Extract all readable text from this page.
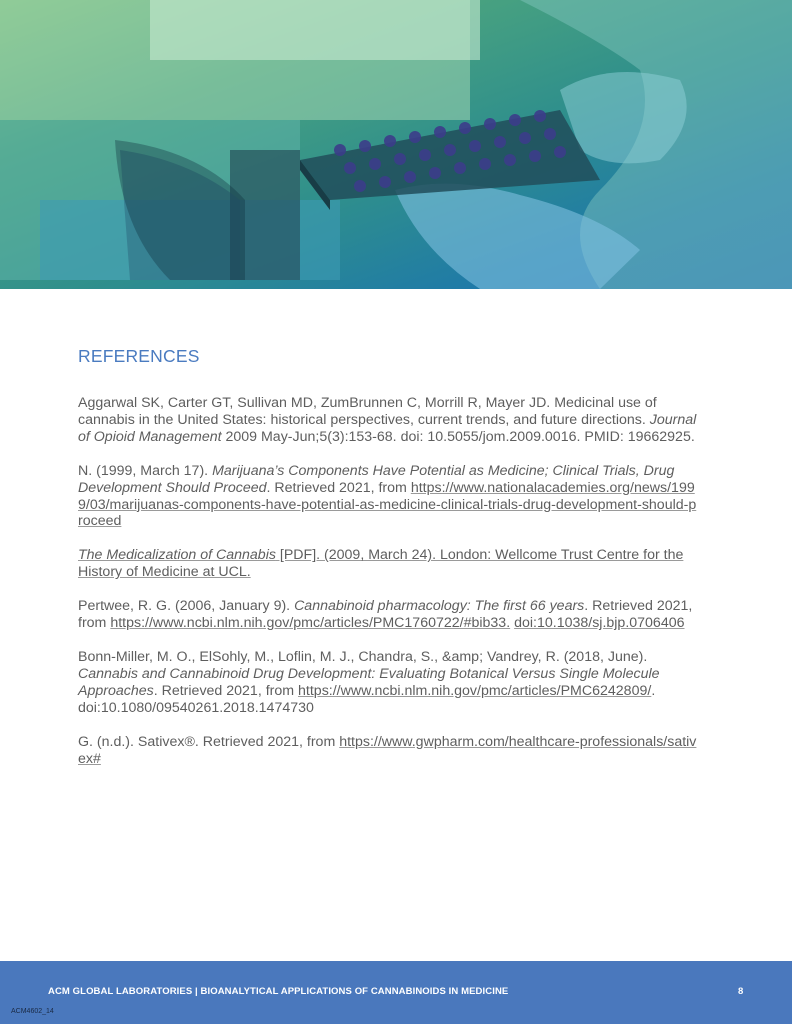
REFERENCES

Aggarwal SK, Carter GT, Sullivan MD, ZumBrunnen C, Morrill R, Mayer JD. Medicinal use of cannabis in the United States: historical perspectives, current trends, and future directions. Journal of Opioid Management 2009 May-Jun;5(3):153-68. doi: 10.5055/jom.2009.0016. PMID: 19662925.

N. (1999, March 17). Marijuana’s Components Have Potential as Medicine; Clinical Trials, Drug Development Should Proceed. Retrieved 2021, from https://www.nationalacademies.org/news/1999/03/marijuanas-components-have-potential-as-medicine-clinical-trials-drug-development-should-proceed

The Medicalization of Cannabis [PDF]. (2009, March 24). London: Wellcome Trust Centre for the History of Medicine at UCL.

Pertwee, R. G. (2006, January 9). Cannabinoid pharmacology: The first 66 years. Retrieved 2021, from https://www.ncbi.nlm.nih.gov/pmc/articles/PMC1760722/#bib33. doi:10.1038/sj.bjp.0706406

Bonn-Miller, M. O., ElSohly, M., Loflin, M. J., Chandra, S., &amp; Vandrey, R. (2018, June). Cannabis and Cannabinoid Drug Development: Evaluating Botanical Versus Single Molecule Approaches. Retrieved 2021, from https://www.ncbi.nlm.nih.gov/pmc/articles/PMC6242809/. doi:10.1080/09540261.2018.1474730

G. (n.d.). Sativex®. Retrieved 2021, from https://www.gwpharm.com/healthcare-professionals/sativex#

ACM GLOBAL LABORATORIES | BIOANALYTICAL APPLICATIONS OF CANNABINOIDS IN MEDICINE	8
ACM4602_14
